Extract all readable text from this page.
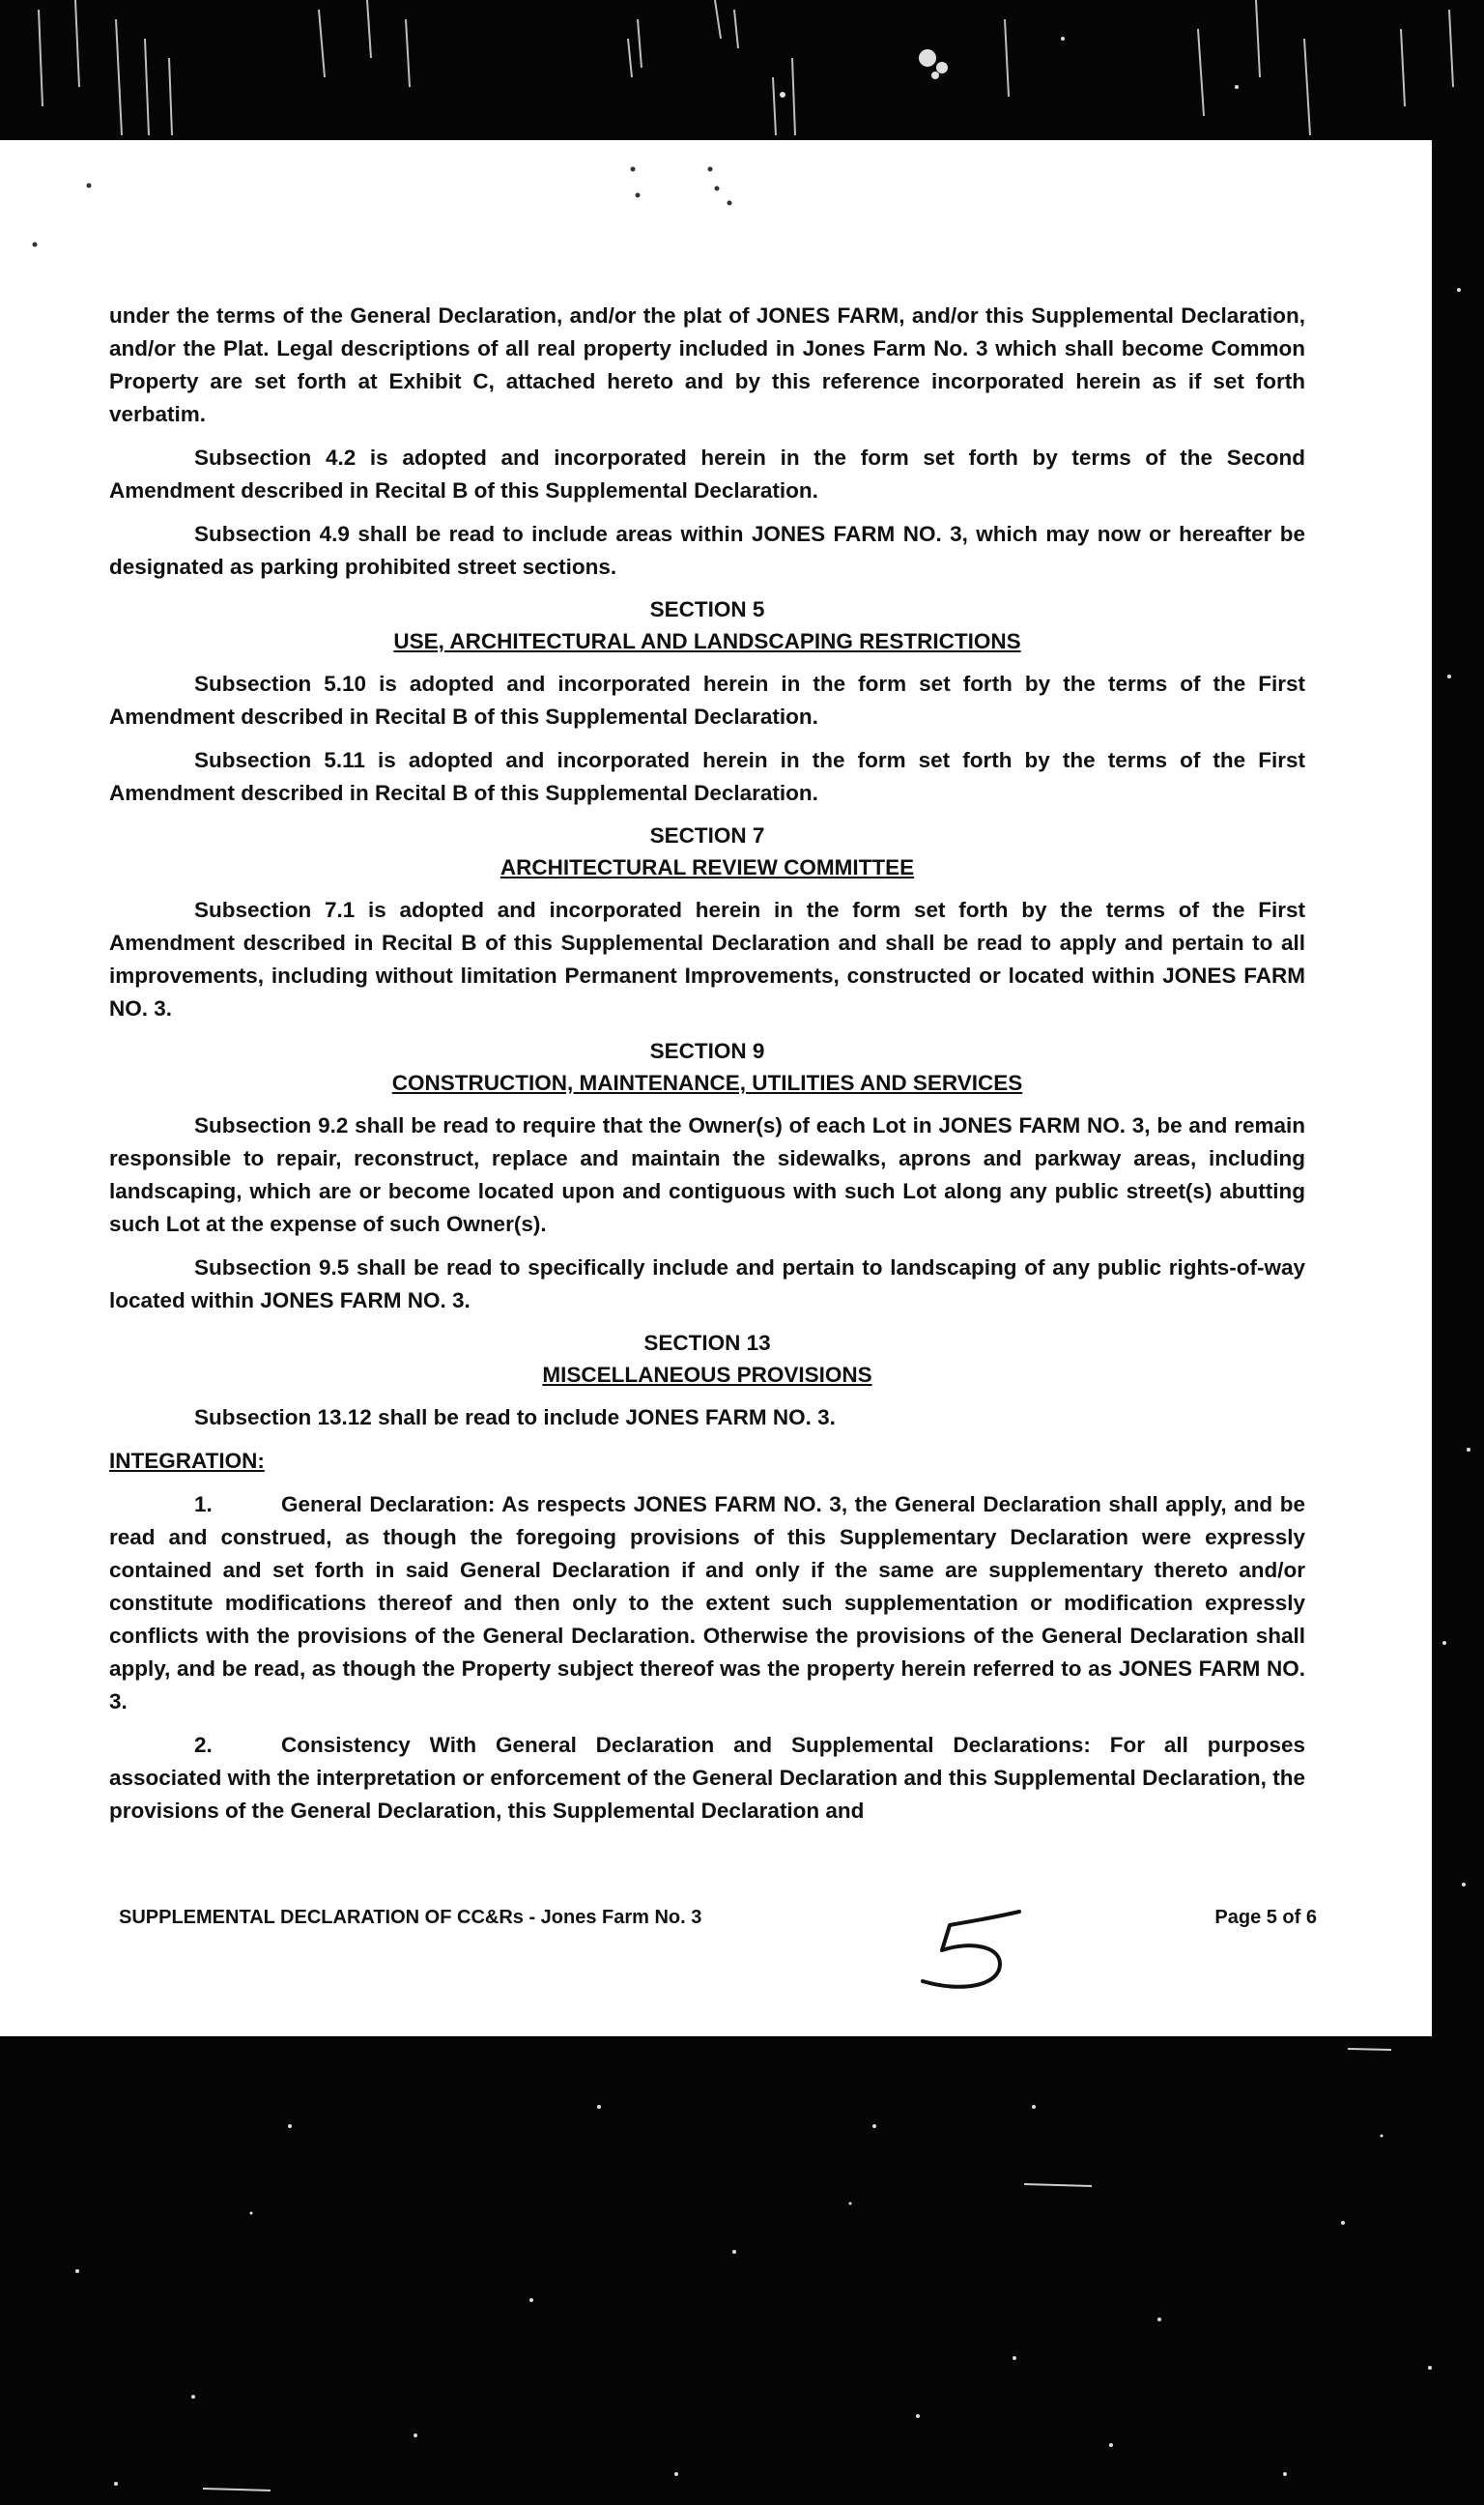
under the terms of the General Declaration, and/or the plat of JONES FARM, and/or this Supplemental Declaration, and/or the Plat. Legal descriptions of all real property included in Jones Farm No. 3 which shall become Common Property are set forth at Exhibit C, attached hereto and by this reference incorporated herein as if set forth verbatim.

Subsection 4.2 is adopted and incorporated herein in the form set forth by terms of the Second Amendment described in Recital B of this Supplemental Declaration.

Subsection 4.9 shall be read to include areas within JONES FARM NO. 3, which may now or hereafter be designated as parking prohibited street sections.

SECTION 5
USE, ARCHITECTURAL AND LANDSCAPING RESTRICTIONS

Subsection 5.10 is adopted and incorporated herein in the form set forth by the terms of the First Amendment described in Recital B of this Supplemental Declaration.

Subsection 5.11 is adopted and incorporated herein in the form set forth by the terms of the First Amendment described in Recital B of this Supplemental Declaration.

SECTION 7
ARCHITECTURAL REVIEW COMMITTEE

Subsection 7.1 is adopted and incorporated herein in the form set forth by the terms of the First Amendment described in Recital B of this Supplemental Declaration and shall be read to apply and pertain to all improvements, including without limitation Permanent Improvements, constructed or located within JONES FARM NO. 3.

SECTION 9
CONSTRUCTION, MAINTENANCE, UTILITIES AND SERVICES

Subsection 9.2 shall be read to require that the Owner(s) of each Lot in JONES FARM NO. 3, be and remain responsible to repair, reconstruct, replace and maintain the sidewalks, aprons and parkway areas, including landscaping, which are or become located upon and contiguous with such Lot along any public street(s) abutting such Lot at the expense of such Owner(s).

Subsection 9.5 shall be read to specifically include and pertain to landscaping of any public rights-of-way located within JONES FARM NO. 3.

SECTION 13
MISCELLANEOUS PROVISIONS

Subsection 13.12 shall be read to include JONES FARM NO. 3.

INTEGRATION:

1.	General Declaration: As respects JONES FARM NO. 3, the General Declaration shall apply, and be read and construed, as though the foregoing provisions of this Supplementary Declaration were expressly contained and set forth in said General Declaration if and only if the same are supplementary thereto and/or constitute modifications thereof and then only to the extent such supplementation or modification expressly conflicts with the provisions of the General Declaration. Otherwise the provisions of the General Declaration shall apply, and be read, as though the Property subject thereof was the property herein referred to as JONES FARM NO. 3.

2.	Consistency With General Declaration and Supplemental Declarations: For all purposes associated with the interpretation or enforcement of the General Declaration and this Supplemental Declaration, the provisions of the General Declaration, this Supplemental Declaration and

SUPPLEMENTAL DECLARATION OF CC&Rs - Jones Farm No. 3	Page 5 of 6
